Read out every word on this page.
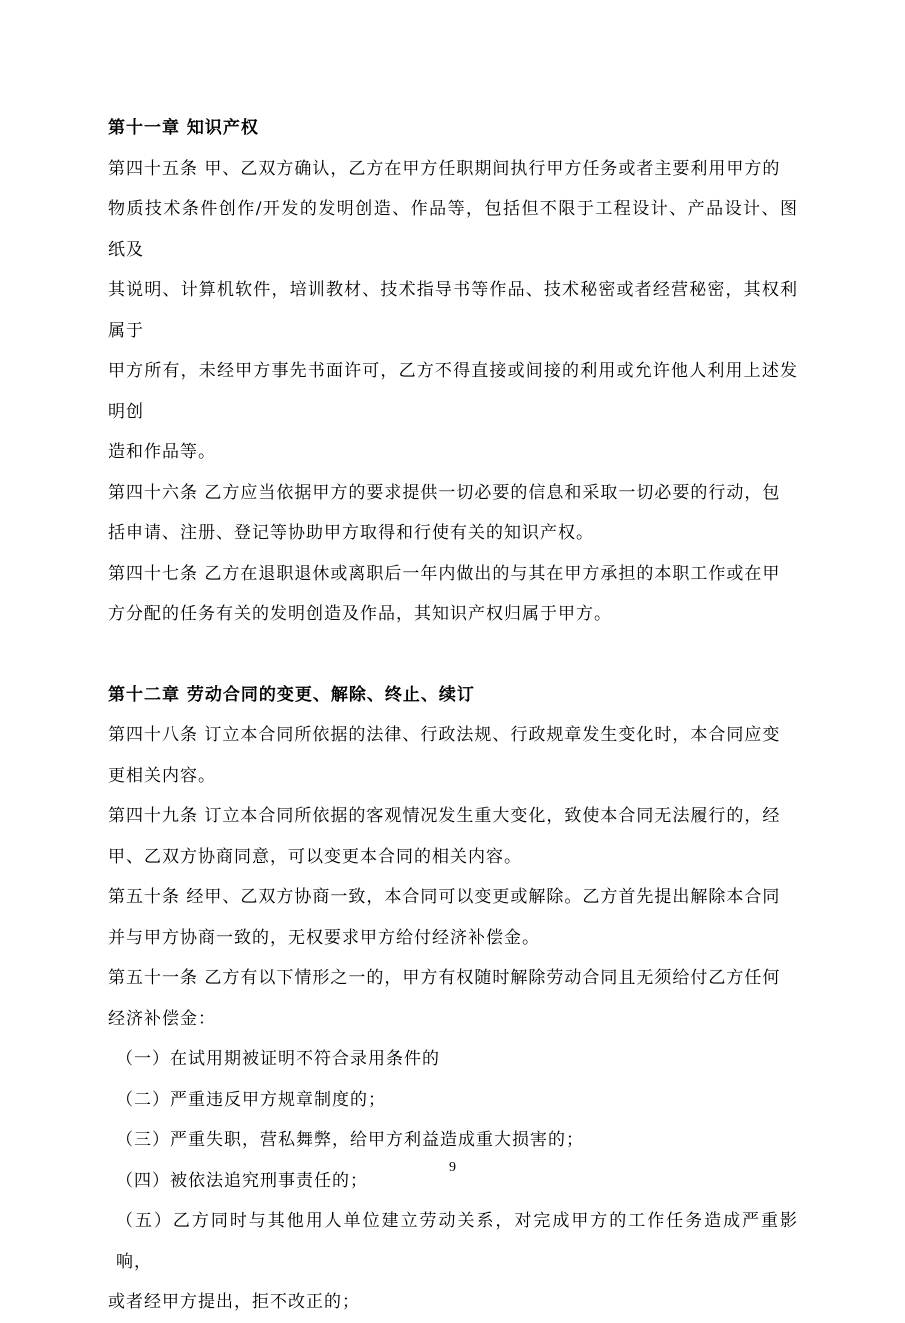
第十一章 知识产权

第四十五条 甲、乙双方确认，乙方在甲方任职期间执行甲方任务或者主要利用甲方的

物质技术条件创作/开发的发明创造、作品等，包括但不限于工程设计、产品设计、图纸及

其说明、计算机软件，培训教材、技术指导书等作品、技术秘密或者经营秘密，其权利属于

甲方所有，未经甲方事先书面许可，乙方不得直接或间接的利用或允许他人利用上述发明创

造和作品等。

第四十六条 乙方应当依据甲方的要求提供一切必要的信息和采取一切必要的行动，包

括申请、注册、登记等协助甲方取得和行使有关的知识产权。

第四十七条 乙方在退职退休或离职后一年内做出的与其在甲方承担的本职工作或在甲

方分配的任务有关的发明创造及作品，其知识产权归属于甲方。

第十二章 劳动合同的变更、解除、终止、续订

第四十八条 订立本合同所依据的法律、行政法规、行政规章发生变化时，本合同应变

更相关内容。

第四十九条 订立本合同所依据的客观情况发生重大变化，致使本合同无法履行的，经

甲、乙双方协商同意，可以变更本合同的相关内容。

第五十条 经甲、乙双方协商一致，本合同可以变更或解除。乙方首先提出解除本合同

并与甲方协商一致的，无权要求甲方给付经济补偿金。

第五十一条 乙方有以下情形之一的，甲方有权随时解除劳动合同且无须给付乙方任何

经济补偿金：

（一）在试用期被证明不符合录用条件的

（二）严重违反甲方规章制度的；

（三）严重失职，营私舞弊，给甲方利益造成重大损害的；

（四）被依法追究刑事责任的；

（五）乙方同时与其他用人单位建立劳动关系，对完成甲方的工作任务造成严重影响，

或者经甲方提出，拒不改正的；

9
